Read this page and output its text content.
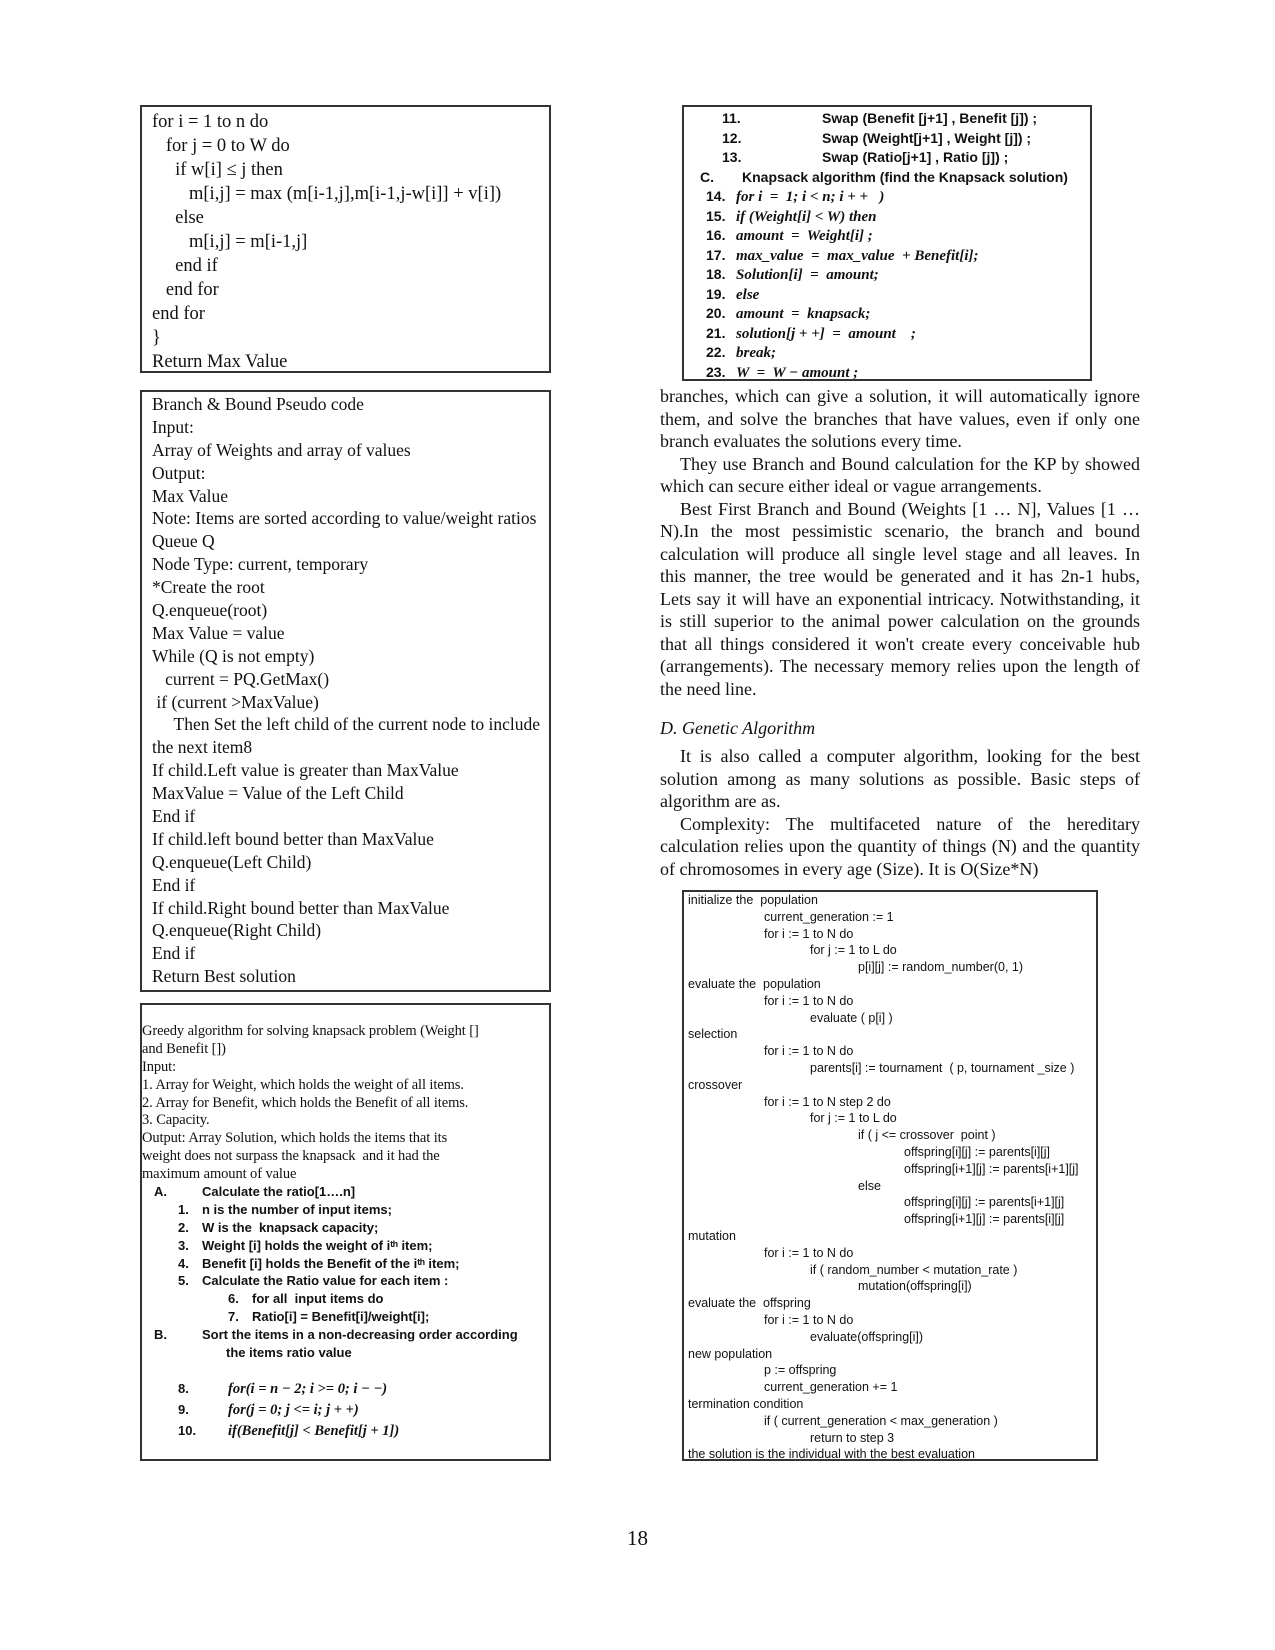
for i = 1 to n do
for j = 0 to W do
if w[i] ≤ j then
m[i,j] = max (m[i-1,j],m[i-1,j-w[i]] + v[i])
else
m[i,j] = m[i-1,j]
end if
end for
end for
}
Return Max Value
Branch & Bound Pseudo code
Input:
Array of Weights and array of values
Output:
Max Value
Note: Items are sorted according to value/weight ratios
Queue Q
Node Type: current, temporary
*Create the root
Q.enqueue(root)
Max Value = value
While (Q is not empty)
current = PQ.GetMax()
if (current >MaxValue)
Then Set the left child of the current node to include
the next item8
If child.Left value is greater than MaxValue
MaxValue = Value of the Left Child
End if
If child.left bound better than MaxValue
Q.enqueue(Left Child)
End if
If child.Right bound better than MaxValue
Q.enqueue(Right Child)
End if
Return Best solution
Greedy algorithm for solving knapsack problem (Weight []
and Benefit [])
Input:
1. Array for Weight, which holds the weight of all items.
2. Array for Benefit, which holds the Benefit of all items.
3. Capacity.
Output: Array Solution, which holds the items that its
weight does not surpass the knapsack  and it had the
maximum amount of value
A.	Calculate the ratio[1….n]
1. n is the number of input items;
2. W is the  knapsack capacity;
3. Weight [i] holds the weight of iᵗʰ item;
4. Benefit [i] holds the Benefit of the iᵗʰ item;
5. Calculate the Ratio value for each item :
6. for all  input items do
7. Ratio[i] = Benefit[i]/weight[i];
B.	Sort the items in a non-decreasing order according
the items ratio value
8.	for(i = n − 2; i >= 0; i − −)
9.	for(j = 0; j <= i; j + +)
10. if(Benefit[j] < Benefit[j + 1])
11.	Swap (Benefit [j+1] , Benefit [j]) ;
12.	Swap (Weight[j+1] , Weight [j]) ;
13.	Swap (Ratio[j+1] , Ratio [j]) ;
C. Knapsack algorithm (find the Knapsack solution)
14. for i  =  1; i < n; i + +   )
15. if (Weight[i] < W) then
16. amount  =  Weight[i] ;
17. max_value  =  max_value  + Benefit[i];
18. Solution[i]  =  amount;
19. else
20. amount  =  knapsack;
21. solution[j + +]  =  amount    ;
22. break;
23. W  =  W − amount ;

branches, which can give a solution, it will automatically ignore them, and solve the branches that have values, even if only one branch evaluates the solutions every time.

They use Branch and Bound calculation for the KP by showed which can secure either ideal or vague arrangements.

Best First Branch and Bound (Weights [1 … N], Values [1 … N).In the most pessimistic scenario, the branch and bound calculation will produce all single level stage and all leaves. In this manner, the tree would be generated and it has 2n-1 hubs, Lets say it will have an exponential intricacy. Notwithstanding, it is still superior to the animal power calculation on the grounds that all things considered it won't create every conceivable hub (arrangements). The necessary memory relies upon the length of the need line.

D. Genetic Algorithm

It is also called a computer algorithm, looking for the best solution among as many solutions as possible. Basic steps of algorithm are as.

Complexity: The multifaceted nature of the hereditary calculation relies upon the quantity of things (N) and the quantity of chromosomes in every age (Size). It is O(Size*N)

initialize the  population
current_generation := 1
for i := 1 to N do
for j := 1 to L do
p[i][j] := random_number(0, 1)
evaluate the  population
for i := 1 to N do
evaluate ( p[i] )
selection
for i := 1 to N do
parents[i] := tournament  ( p, tournament _size )
crossover
for i := 1 to N step 2 do
for j := 1 to L do
if ( j <= crossover  point )
offspring[i][j] := parents[i][j]
offspring[i+1][j] := parents[i+1][j]
else
offspring[i][j] := parents[i+1][j]
offspring[i+1][j] := parents[i][j]
mutation
for i := 1 to N do
if ( random_number < mutation_rate )
mutation(offspring[i])
evaluate the  offspring
for i := 1 to N do
evaluate(offspring[i])
new population
p := offspring
current_generation += 1
termination condition
if ( current_generation < max_generation )
return to step 3
the solution is the individual with the best evaluation
18
